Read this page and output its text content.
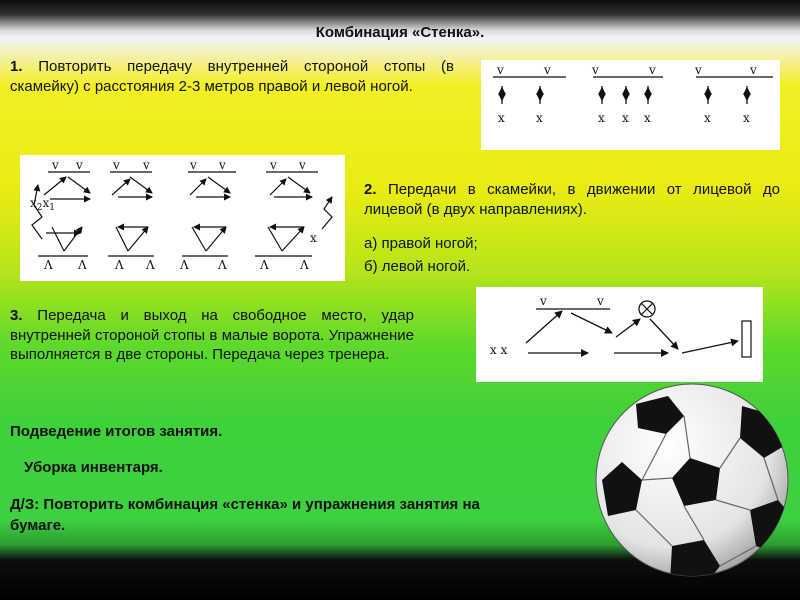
Комбинация «Стенка».
1. Повторить передачу внутренней стороной стопы (в скамейку) с расстояния 2-3 метров правой и левой ногой.
v	v	v	v	v	v
x	x	x x x	x	x
v v	v v	v v	v v
Λ Λ Λ Λ Λ Λ	Λ	Λ
$x_2x_1$
x
2. Передачи в скамейки, в движении от лицевой до лицевой (в двух направлениях).
а) правой ногой;
б) левой ногой.
3. Передача и выход на свободное место, удар внутренней стороной стопы в малые ворота. Упражнение выполняется в две стороны. Передача через тренера.
v	v
x x
Подведение итогов занятия.
Уборка инвентаря.
Д/З: Повторить комбинация «стенка» и упражнения занятия на бумаге.
